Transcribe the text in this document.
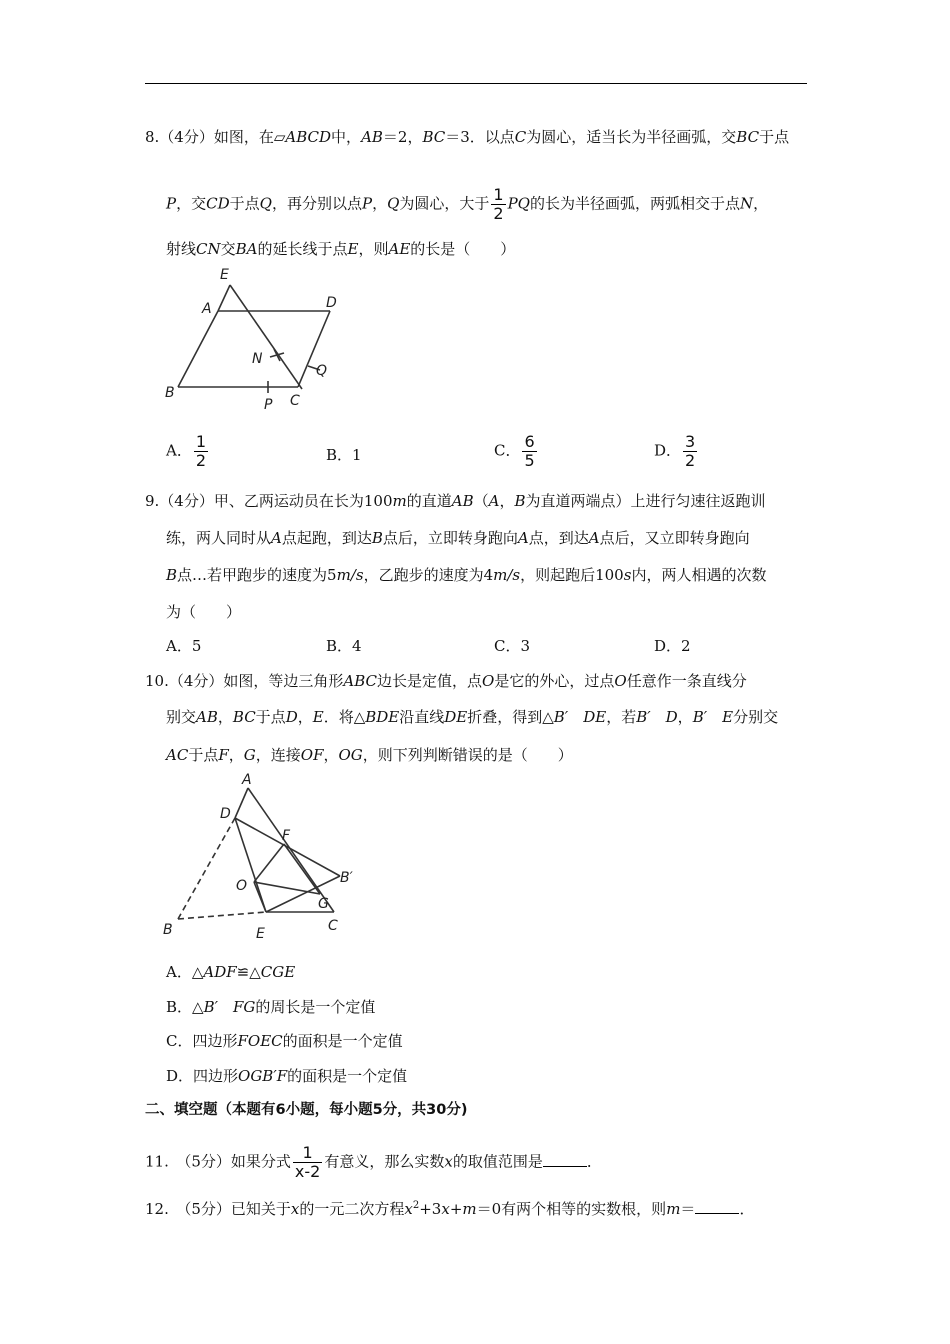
8.（4分）如图，在▱ABCD中，AB＝2，BC＝3．以点C为圆心，适当长为半径画弧，交BC于点
P，交CD于点Q，再分别以点P，Q为圆心，大于 $\frac{1}{2}$ PQ的长为半径画弧，两弧相交于点N，
射线CN交BA的延长线于点E，则AE的长是（　　）
E
A	D
N
Q
B
P C
A． $\frac{1}{2}$	B．1	C． $\frac{6}{5}$	D． $\frac{3}{2}$
9.（4分）甲、乙两运动员在长为100m的直道AB（A，B为直道两端点）上进行匀速往返跑训
练，两人同时从A点起跑，到达B点后，立即转身跑向A点，到达A点后，又立即转身跑向
B点…若甲跑步的速度为5m/s，乙跑步的速度为4m/s，则起跑后100s内，两人相遇的次数
为（　　）
A．5	B．4	C．3	D．2
10.（4分）如图，等边三角形ABC边长是定值，点O是它的外心，过点O任意作一条直线分
别交AB，BC于点D，E．将△BDE沿直线DE折叠，得到△B′　DE，若B′　D，B′　E分别交
AC于点F，G，连接OF，OG，则下列判断错误的是（　　）
A
D
F
O	B′
G
B	E	C
A．△ADF≌△CGE
B．△B′　FG的周长是一个定值
C．四边形FOEC的面积是一个定值
D．四边形OGB′F的面积是一个定值
二、填空题（本题有6小题，每小题5分，共30分)
11.　（5分）如果分式 $\frac{1}{x-2}$ 有意义，那么实数x的取值范围是	．
12.　（5分）已知关于x的一元二次方程$x^2+3x+m=0$有两个相等的实数根，则m＝	．
